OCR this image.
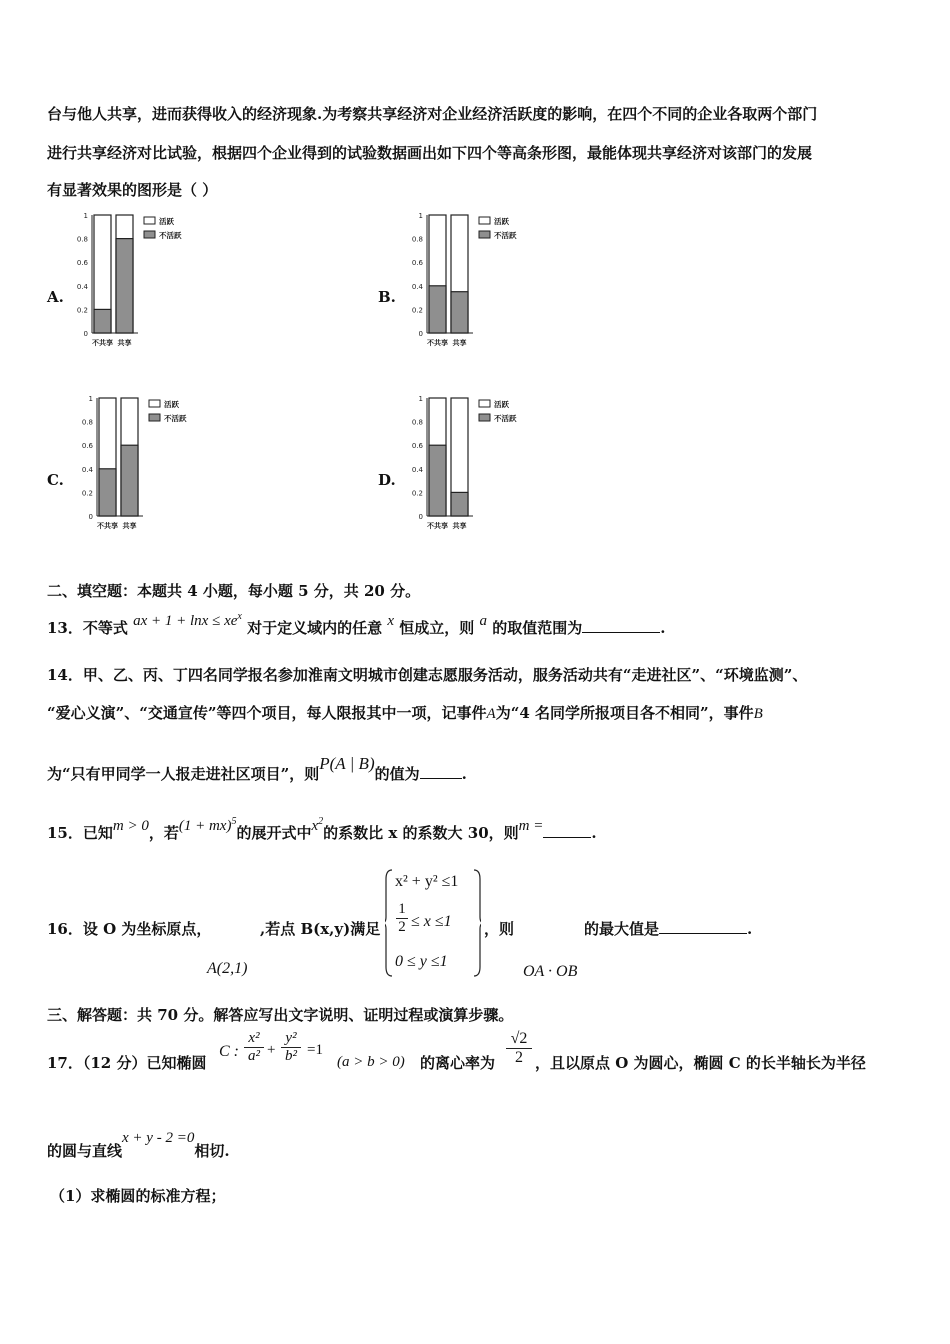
台与他人共享，进而获得收入的经济现象.为考察共享经济对企业经济活跃度的影响，在四个不同的企业各取两个部门
进行共享经济对比试验，根据四个企业得到的试验数据画出如下四个等高条形图，最能体现共享经济对该部门的发展
有显著效果的图形是（ ）
A.	B.
C.	D.
0
0.2
0.4
0.6
0.8
1
不共享 共享
活跃
不活跃
0
0.2
0.4
0.6
0.8
1
不共享 共享
活跃
不活跃
0
0.2
0.4
0.6
0.8
1
不共享 共享
活跃
不活跃
0
0.2
0.4
0.6
0.8
1
不共享 共享
活跃
不活跃
二、填空题：本题共 4 小题，每小题 5 分，共 20 分。
13．不等式 ax + $1 + \ln x \le xe^x$ 对于定义域内的任意 x 恒成立，则 a 的取值范围为	.
14．甲、乙、丙、丁四名同学报名参加淮南文明城市创建志愿服务活动，服务活动共有“走进社区”、“环境监测”、
“爱心义演”、“交通宣传”等四个项目，每人限报其中一项，记事件A为“4 名同学所报项目各不相同”，事件B
为“只有甲同学一人报走进社区项目”，则P(A | B)的值为	.
15．已知m > 0，若(1 + mx)$^5$的展开式中$x^2$的系数比 x 的系数大 30，则m =	.
16．设 O 为坐标原点，	,若点 B(x,y)满足
A(2,1)
x² + y² ≤1
$\frac{1}{2} \le x \le 1$
0 ≤ y ≤1
，则
OA · OB
的最大值是	.
三、解答题：共 70 分。解答应写出文字说明、证明过程或演算步骤。
17．（12 分）已知椭圆
C :
x²
a² +
y²
b² =1
(a > b > 0) 的离心率为 $\frac{√2}{2}$ ，且以原点 O 为圆心，椭圆 C 的长半轴长为半径
的圆与直线x + y - 2 =0相切.
（1）求椭圆的标准方程；
